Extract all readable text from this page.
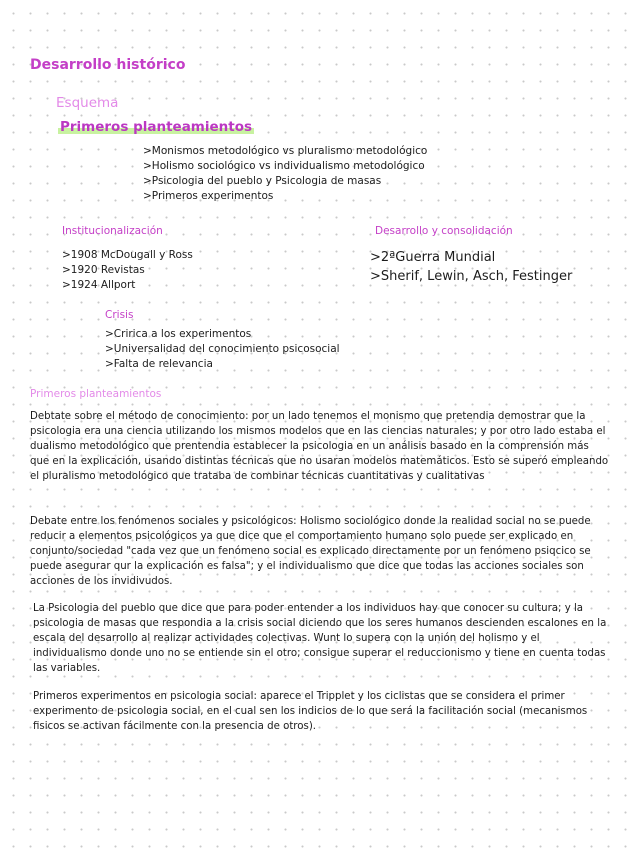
Desarrollo histórico
Esquema
Primeros planteamientos
>Monismos metodológico vs pluralismo metodológico
>Holismo sociológico vs individualismo metodológico
>Psicologia del pueblo y Psicologia de masas
>Primeros experimentos
Institucionalización
>1908 McDougall y Ross
>1920 Revistas
>1924 Allport
Desarrollo y consolidación
>2ªGuerra Mundial
>Sherif, Lewin, Asch, Festinger
Crisis
>Cririca a los experimentos
>Universalidad del conocimiento psicosocial
>Falta de relevancia
Primeros planteamientos

Debtate sobre el método de conocimiento: por un lado tenemos el monismo que pretendia demostrar que la psicologia era una ciencia utilizando los mismos modelos que en las ciencias naturales; y por otro lado estaba el dualismo metodológico que prentendia establecer la psicologia en un análisis basado en la comprensión más que en la explicación, usando distintas técnicas que no usaran modelos matemáticos. Esto se superó empleando el pluralismo metodológico que trataba de combinar técnicas cuantitativas y cualitativas

Debate entre los fenómenos sociales y psicológicos: Holismo sociológico donde la realidad social no se puede reducir a elementos psicológicos ya que dice que el comportamiento humano solo puede ser explicado en conjunto/sociedad "cada vez que un fenómeno social es explicado directamente por un fenómeno psiqcico se puede asegurar qur la explicación es falsa"; y el individualismo que dice que todas las acciones sociales son acciones de los invidivudos.

La Psicologia del pueblo que dice que para poder entender a los individuos hay que conocer su cultura; y la psicologia de masas que respondia a la crisis social diciendo que los seres humanos descienden escalones en la escala del desarrollo al realizar actividades colectivas. Wunt lo supera con la unión del holismo y el individualismo donde uno no se entiende sin el otro; consigue superar el reduccionismo y tiene en cuenta todas las variables.

Primeros experimentos en psicologia social: aparece el Tripplet y los ciclistas que se considera el primer experimento de psicologia social, en el cual sen los indicios de lo que será la facilitación social (mecanismos fisicos se activan fácilmente con la presencia de otros).
